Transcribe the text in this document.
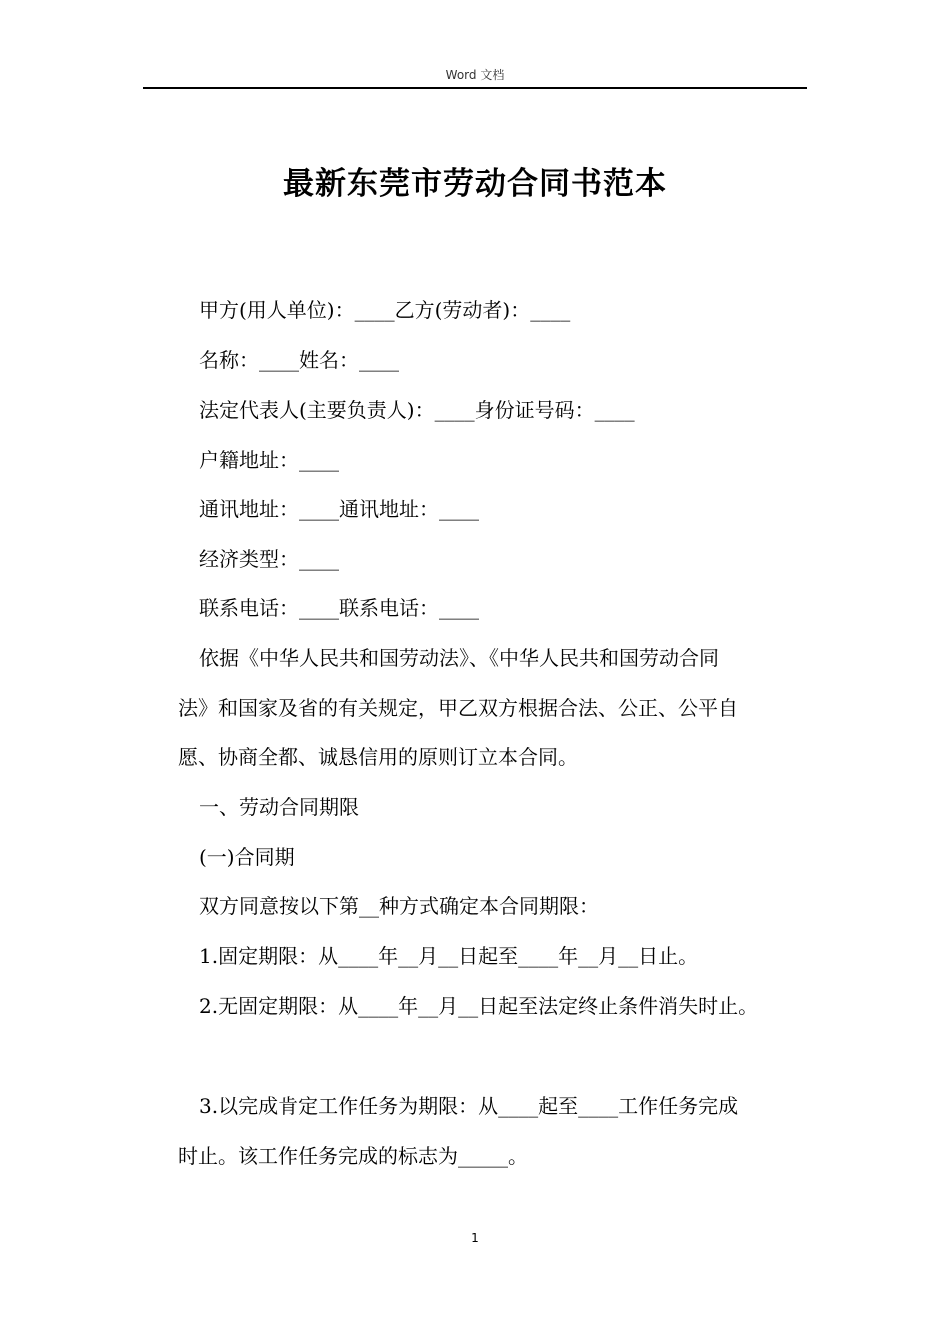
Word 文档
最新东莞市劳动合同书范本
甲方(用人单位)：____乙方(劳动者)：____
名称：____姓名：____
法定代表人(主要负责人)：____身份证号码：____
户籍地址：____
通讯地址：____通讯地址：____
经济类型：____
联系电话：____联系电话：____
依据《中华人民共和国劳动法》、《中华人民共和国劳动合同
法》和国家及省的有关规定，甲乙双方根据合法、公正、公平自
愿、协商全都、诚恳信用的原则订立本合同。
一、劳动合同期限
(一)合同期
双方同意按以下第__种方式确定本合同期限：
1.固定期限：从____年__月__日起至____年__月__日止。
2.无固定期限：从____年__月__日起至法定终止条件消失时止。
3.以完成肯定工作任务为期限：从____起至____工作任务完成
时止。该工作任务完成的标志为_____。
1
